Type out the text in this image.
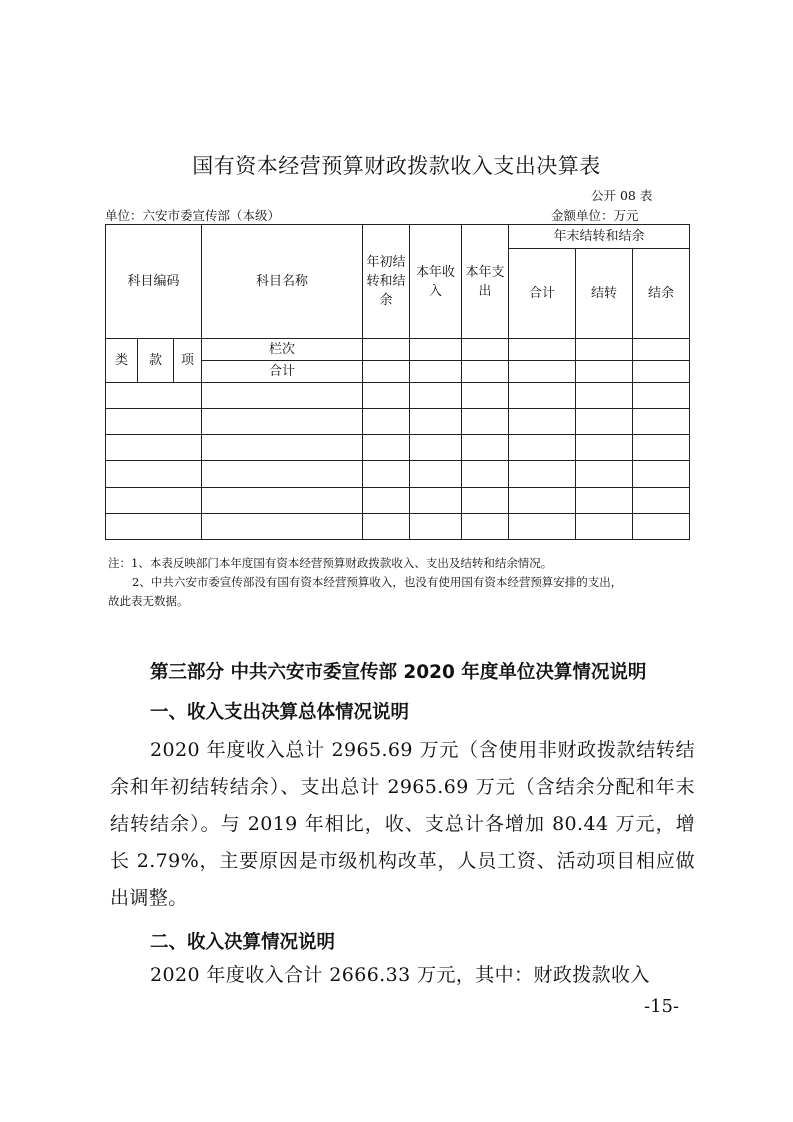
国有资本经营预算财政拨款收入支出决算表
公开 08 表
单位：六安市委宣传部（本级）	金额单位：万元
科目编码			科目名称	年初结转和结余	本年收入	本年支出	年末结转和结余		
							合计	结转	结余
类	款	项	栏次						
			合计						

注：1、本表反映部门本年度国有资本经营预算财政拨款收入、支出及结转和结余情况。
2、中共六安市委宣传部没有国有资本经营预算收入，也没有使用国有资本经营预算安排的支出，
故此表无数据。
第三部分 中共六安市委宣传部 2020 年度单位决算情况说明
一、收入支出决算总体情况说明
2020 年度收入总计 2965.69 万元（含使用非财政拨款结转结余和年初结转结余）、支出总计 2965.69 万元（含结余分配和年末结转结余）。与 2019 年相比，收、支总计各增加 80.44 万元，增长 2.79%，主要原因是市级机构改革，人员工资、活动项目相应做出调整。
二、收入决算情况说明
2020 年度收入合计 2666.33 万元，其中：财政拨款收入
-15-
